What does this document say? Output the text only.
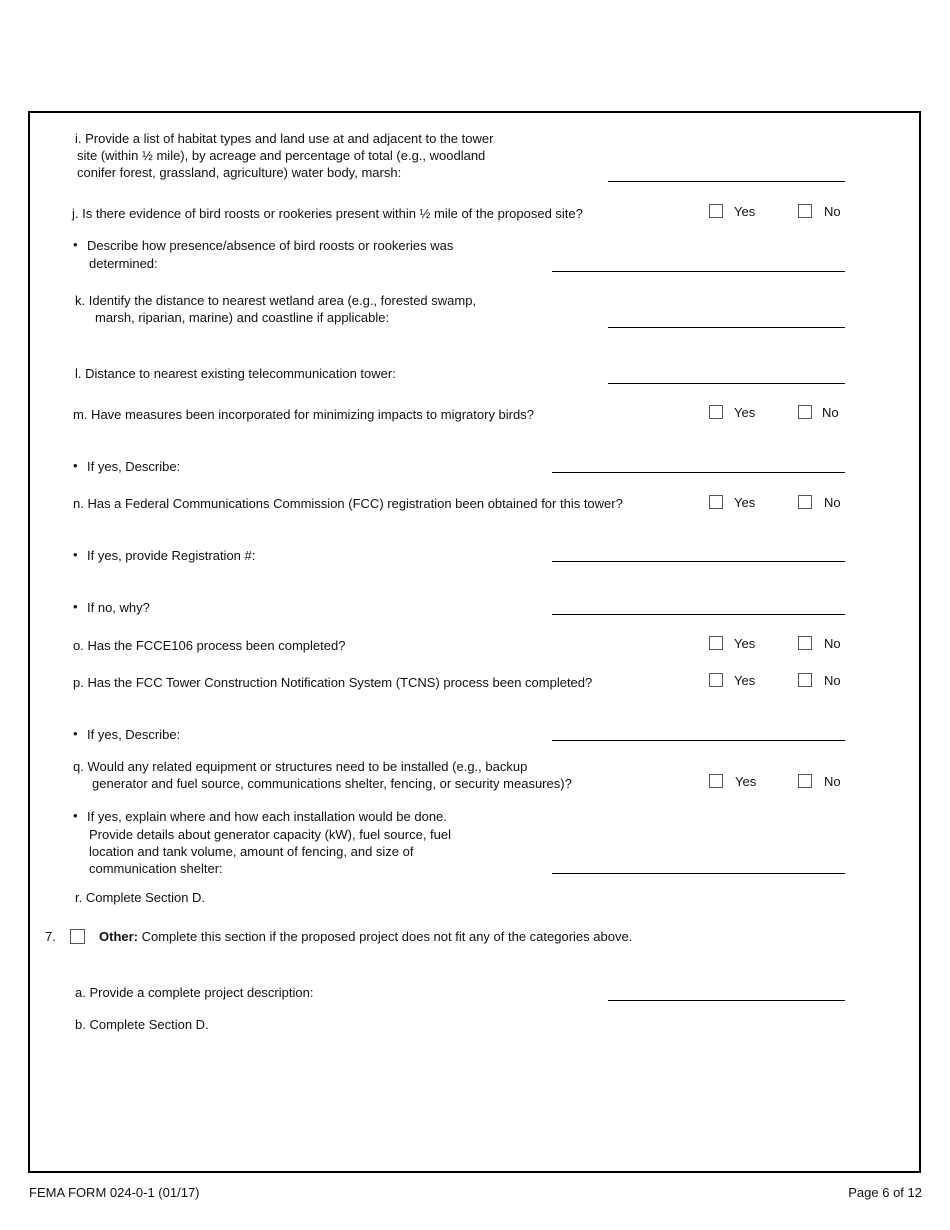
i. Provide a list of habitat types and land use at and adjacent to the tower
site (within ½ mile), by acreage and percentage of total (e.g., woodland
conifer forest, grassland, agriculture) water body, marsh:
j. Is there evidence of bird roosts or rookeries present within ½ mile of the proposed site?	Yes	No
• Describe how presence/absence of bird roosts or rookeries was
determined:
k. Identify the distance to nearest wetland area (e.g., forested swamp,
marsh, riparian, marine) and coastline if applicable:
l. Distance to nearest existing telecommunication tower:
m. Have measures been incorporated for minimizing impacts to migratory birds?	Yes	No
• If yes, Describe:
n. Has a Federal Communications Commission (FCC) registration been obtained for this tower?	Yes	No
• If yes, provide Registration #:
• If no, why?
o. Has the FCCE106 process been completed?	Yes	No
p. Has the FCC Tower Construction Notification System (TCNS) process been completed?	Yes	No
• If yes, Describe:
q. Would any related equipment or structures need to be installed (e.g., backup
generator and fuel source, communications shelter, fencing, or security measures)?	Yes	No
• If yes, explain where and how each installation would be done.
Provide details about generator capacity (kW), fuel source, fuel
location and tank volume, amount of fencing, and size of
communication shelter:
r. Complete Section D.
7.	Other: Complete this section if the proposed project does not fit any of the categories above.
a. Provide a complete project description:
b. Complete Section D.
FEMA FORM 024-0-1 (01/17)	Page 6 of 12
